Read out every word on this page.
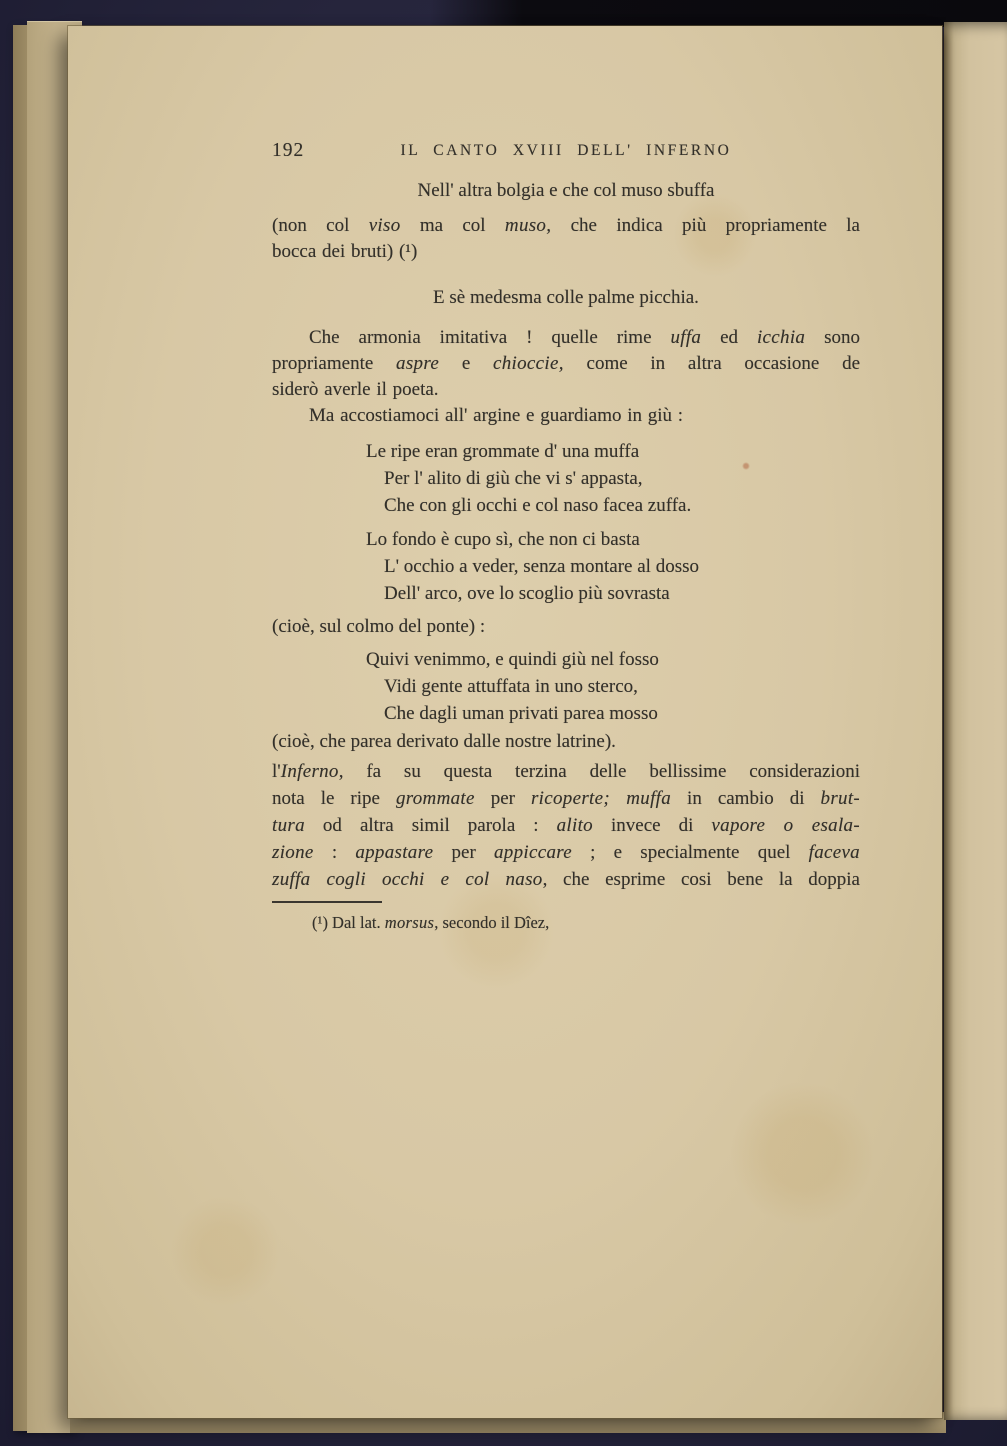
192	IL CANTO XVIII DELL' INFERNO
Nell' altra bolgia e che col muso sbuffa
(non col viso ma col muso, che indica più propriamente la
bocca dei bruti) (¹)
E sè medesma colle palme picchia.
Che armonia imitativa ! quelle rime uffa ed icchia sono
propriamente aspre e chioccie, come in altra occasione de
siderò averle il poeta.
Ma accostiamoci all' argine e guardiamo in giù :
Le ripe eran grommate d' una muffa
Per l' alito di giù che vi s' appasta,
Che con gli occhi e col naso facea zuffa.
Lo fondo è cupo sì, che non ci basta
L' occhio a veder, senza montare al dosso
Dell' arco, ove lo scoglio più sovrasta
(cioè, sul colmo del ponte) :
Quivi venimmo, e quindi giù nel fosso
Vidi gente attuffata in uno sterco,
Che dagli uman privati parea mosso
(cioè, che parea derivato dalle nostre latrine).
l'Inferno, fa su questa terzina delle bellissime considerazioni
nota le ripe grommate per ricoperte; muffa in cambio di brut-
tura od altra simil parola : alito invece di vapore o esala-
zione : appastare per appiccare ; e specialmente quel faceva
zuffa cogli occhi e col naso, che esprime cosi bene la doppia
(¹) Dal lat. morsus, secondo il Dîez,
